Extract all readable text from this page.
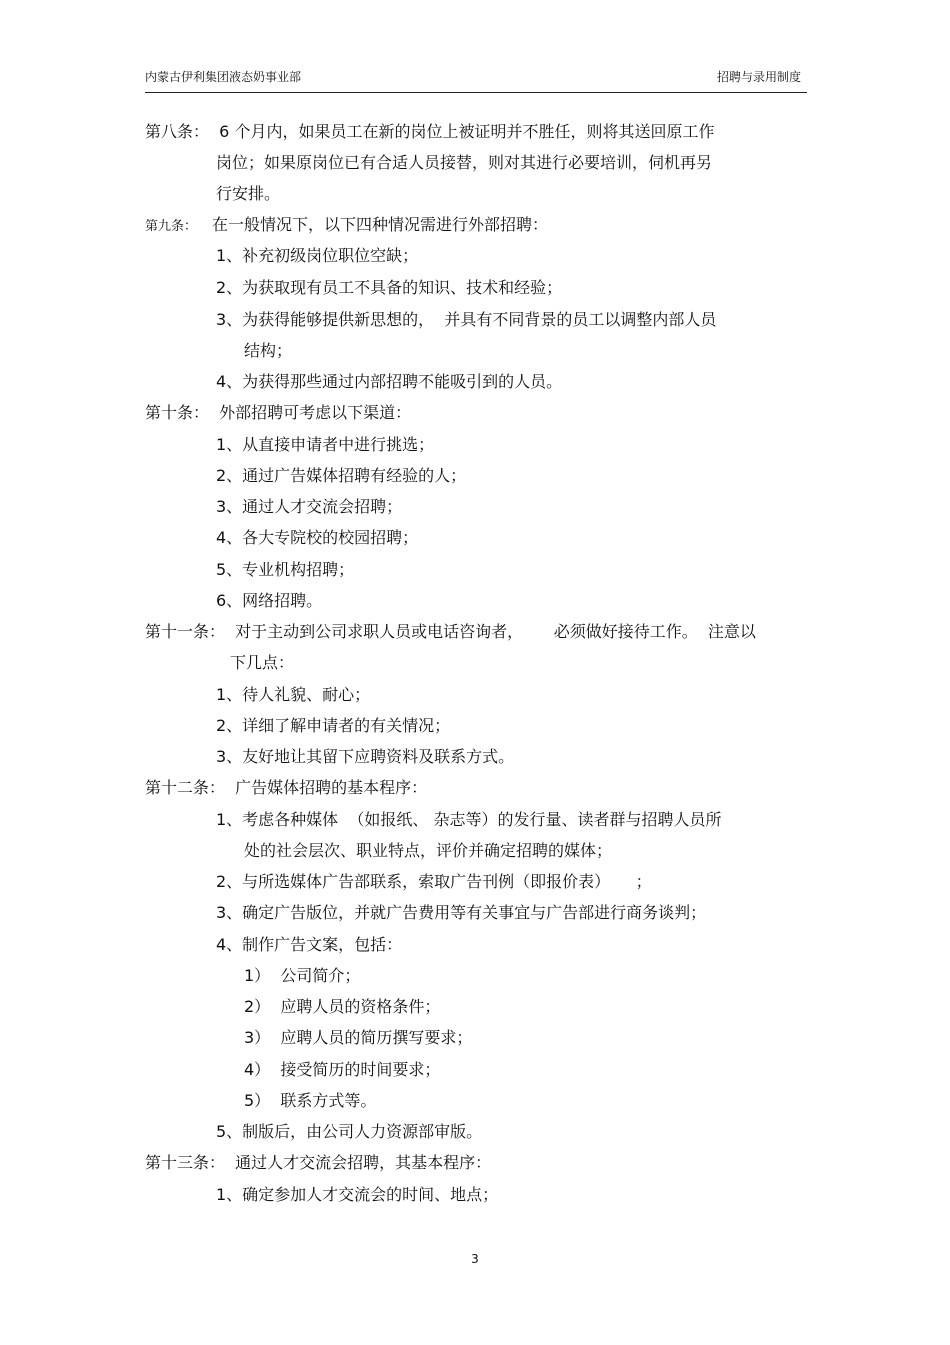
内蒙古伊利集团液态奶事业部	招聘与录用制度
第八条：  6 个月内，如果员工在新的岗位上被证明并不胜任，则将其送回原工作
岗位；如果原岗位已有合适人员接替，则对其进行必要培训，伺机再另
行安排。
第九条： 在一般情况下，以下四种情况需进行外部招聘：
1、补充初级岗位职位空缺；
2、为获取现有员工不具备的知识、技术和经验；
3、为获得能够提供新思想的，  并具有不同背景的员工以调整内部人员
结构；
4、为获得那些通过内部招聘不能吸引到的人员。
第十条：  外部招聘可考虑以下渠道：
1、从直接申请者中进行挑选；
2、通过广告媒体招聘有经验的人；
3、通过人才交流会招聘；
4、各大专院校的校园招聘；
5、专业机构招聘；
6、网络招聘。
第十一条：  对于主动到公司求职人员或电话咨询者，      必须做好接待工作。  注意以
下几点：
1、待人礼貌、耐心；
2、详细了解申请者的有关情况；
3、友好地让其留下应聘资料及联系方式。
第十二条：  广告媒体招聘的基本程序：
1、考虑各种媒体  （如报纸、 杂志等）的发行量、读者群与招聘人员所
处的社会层次、职业特点，评价并确定招聘的媒体；
2、与所选媒体广告部联系，索取广告刊例（即报价表）     ；
3、确定广告版位，并就广告费用等有关事宜与广告部进行商务谈判；
4、制作广告文案，包括：
1）  公司简介；
2）  应聘人员的资格条件；
3）  应聘人员的简历撰写要求；
4）  接受简历的时间要求；
5）  联系方式等。
5、制版后，由公司人力资源部审版。
第十三条：  通过人才交流会招聘，其基本程序：
1、确定参加人才交流会的时间、地点；
3
